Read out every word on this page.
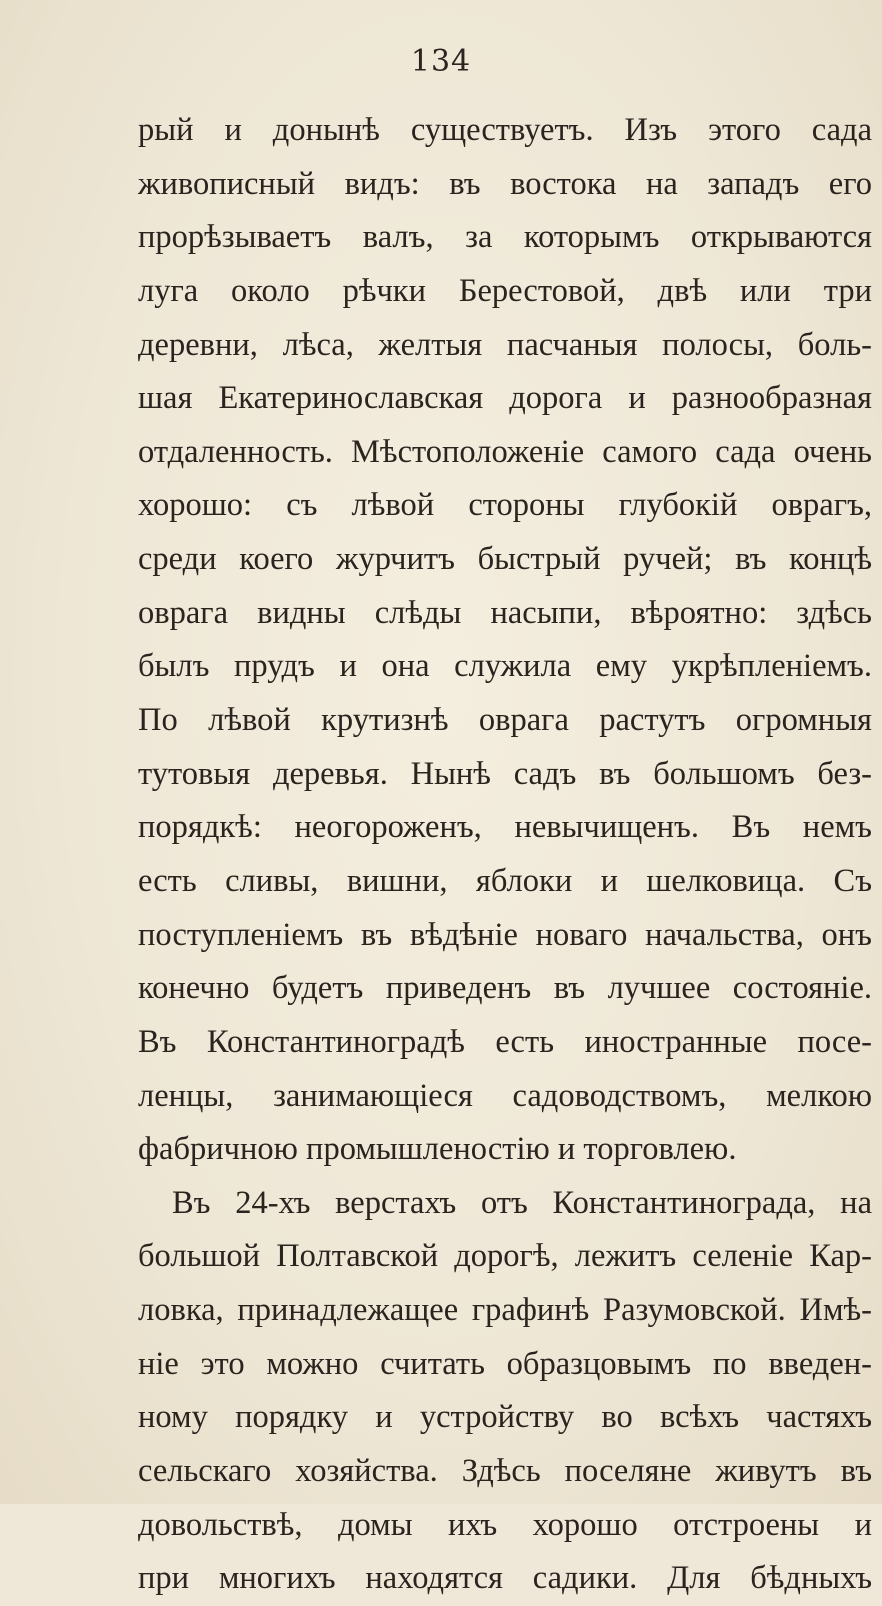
134
рый и донынѣ существуетъ. Изъ этого сада
живописный видъ: въ востока на западъ его
прорѣзываетъ валъ, за которымъ открываются
луга около рѣчки Берестовой, двѣ или три
деревни, лѣса, желтыя пасчаныя полосы, боль-
шая Екатеринославская дорога и разнообразная
отдаленность. Мѣстоположеніе самого сада очень
хорошо: съ лѣвой стороны глубокій оврагъ,
среди коего журчитъ быстрый ручей; въ концѣ
оврага видны слѣды насыпи, вѣроятно: здѣсь
былъ прудъ и она служила ему укрѣпленіемъ.
По лѣвой крутизнѣ оврага растутъ огромныя
тутовыя деревья. Нынѣ садъ въ большомъ без-
порядкѣ: неогороженъ, невычищенъ. Въ немъ
есть сливы, вишни, яблоки и шелковица. Съ
поступленіемъ въ вѣдѣніе новаго начальства, онъ
конечно будетъ приведенъ въ лучшее состояніе.
Въ Константиноградѣ есть иностранные посе-
ленцы, занимающіеся садоводствомъ, мелкою
фабричною промышленостію и торговлею.
Въ 24-хъ верстахъ отъ Константинограда, на
большой Полтавской дорогѣ, лежитъ селеніе Кар-
ловка, принадлежащее графинѣ Разумовской. Имѣ-
ніе это можно считать образцовымъ по введен-
ному порядку и устройству во всѣхъ частяхъ
сельскаго хозяйства. Здѣсь поселяне живутъ въ
довольствѣ, домы ихъ хорошо отстроены и
при многихъ находятся садики. Для бѣдныхъ
